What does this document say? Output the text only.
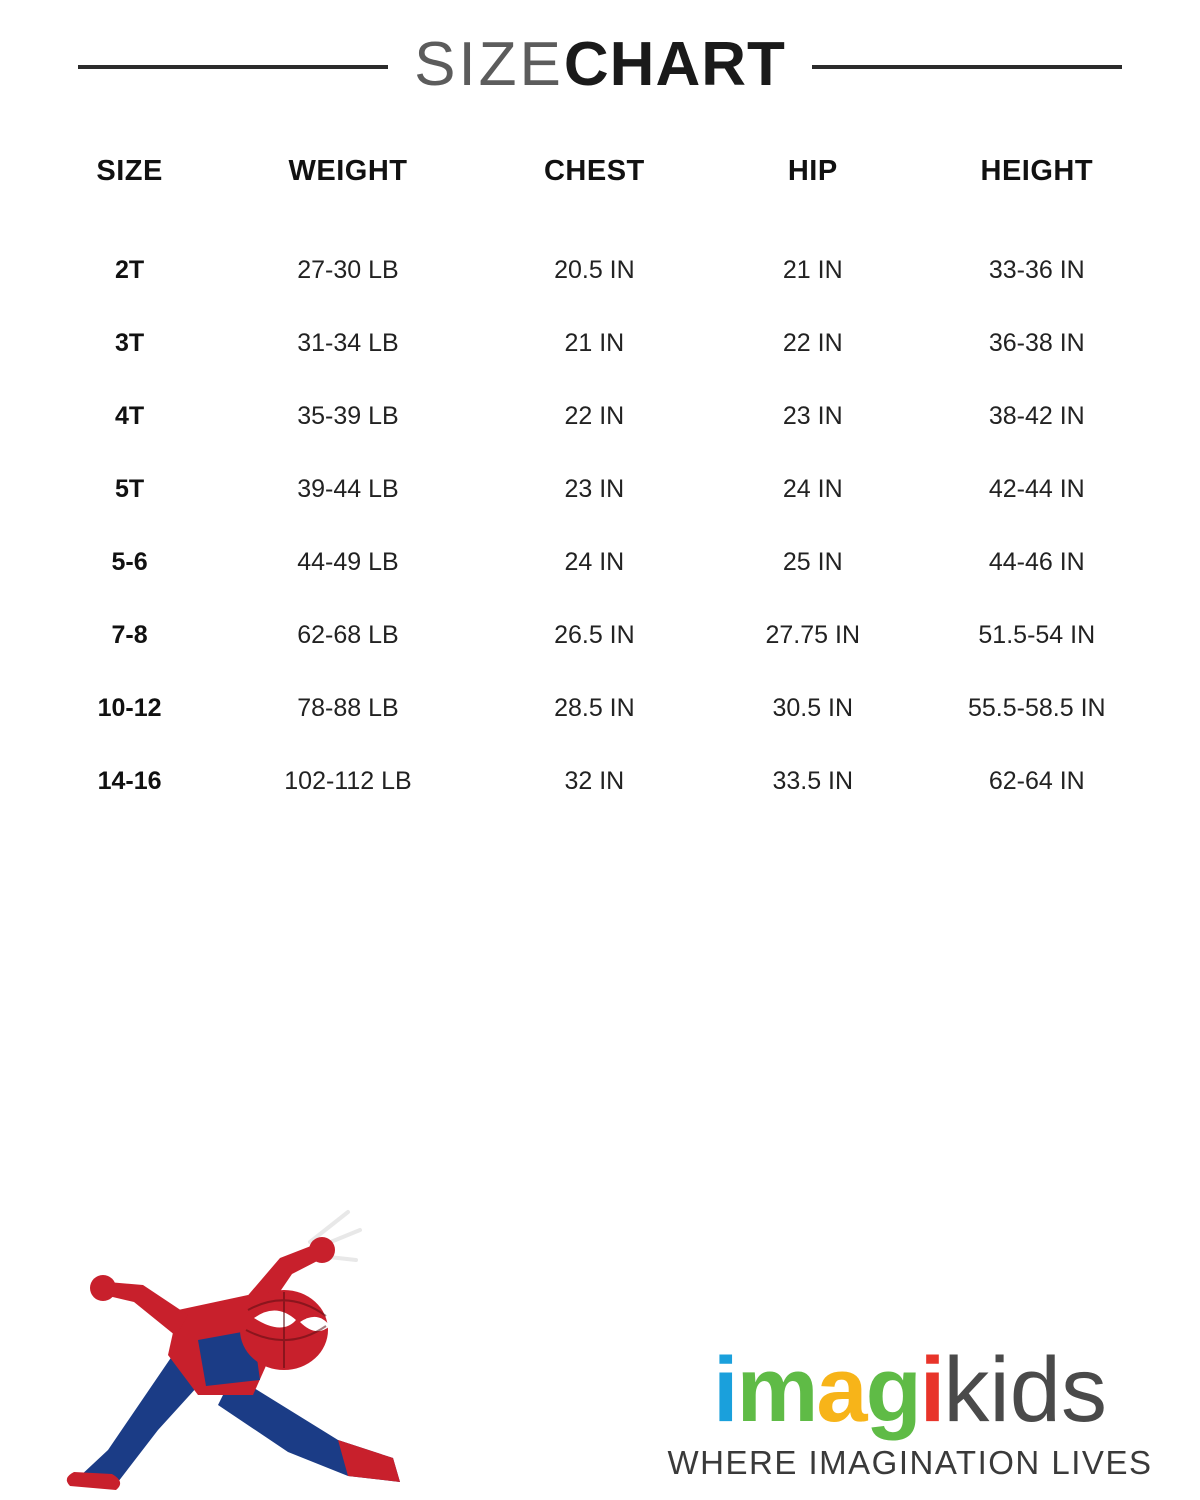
SIZECHART
SIZE	WEIGHT	CHEST	HIP	HEIGHT
2T	27-30 LB	20.5 IN	21 IN	33-36 IN
3T	31-34 LB	21 IN	22 IN	36-38 IN
4T	35-39 LB	22 IN	23 IN	38-42 IN
5T	39-44 LB	23 IN	24 IN	42-44 IN
5-6	44-49 LB	24 IN	25 IN	44-46 IN
7-8	62-68 LB	26.5 IN	27.75 IN	51.5-54 IN
10-12	78-88 LB	28.5 IN	30.5 IN	55.5-58.5 IN
14-16	102-112 LB	32 IN	33.5 IN	62-64 IN
imagikids
WHERE IMAGINATION LIVES
